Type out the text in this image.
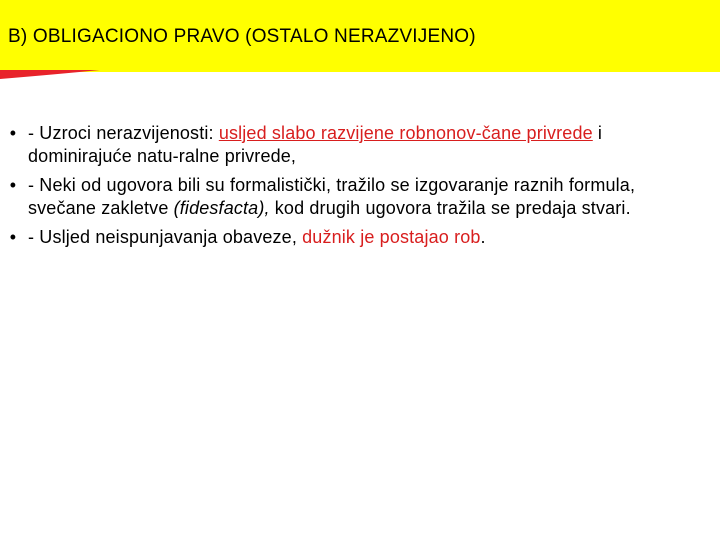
B) OBLIGACIONO PRAVO (OSTALO NERAZVIJENO)
• - Uzroci nerazvijenosti: usljed slabo razvijene robnonov-čane privrede i dominirajuće natu-ralne privrede,
• - Neki od ugovora bili su formalistički, tražilo se izgovaranje raznih formula, svečane zakletve (fidesfacta), kod drugih ugovora tražila se predaja stvari.
• - Usljed neispunjavanja obaveze, dužnik je postajao rob.
